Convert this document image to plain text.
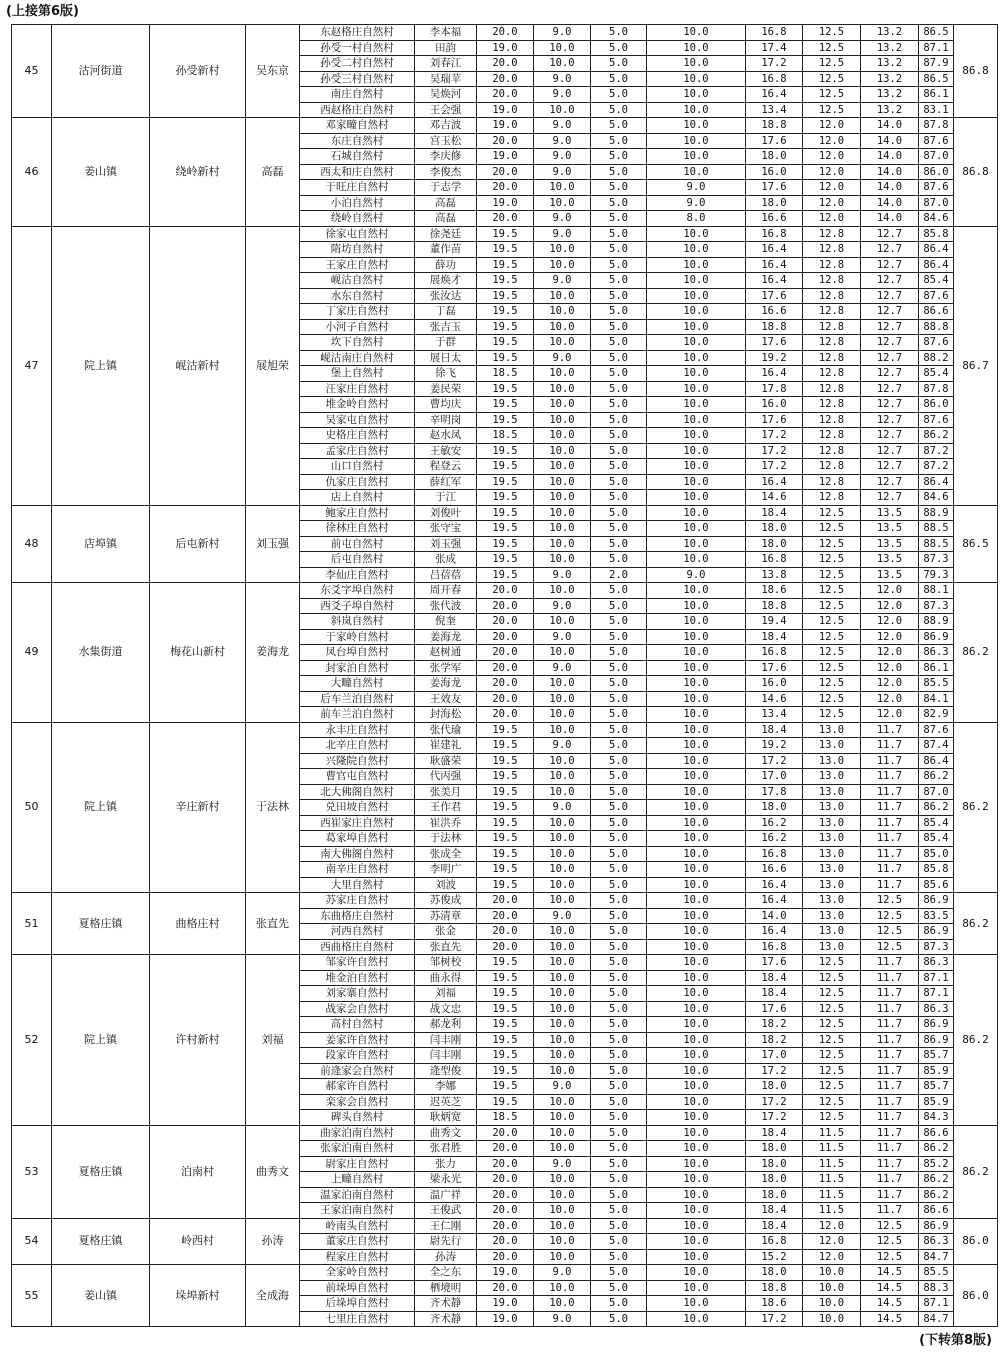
(上接第6版)
45	沽河街道	孙受新村	吴东京	东赵格庄自然村	李本福	20.0	9.0	5.0	10.0	16.8	12.5	13.2	86.5	86.8
				孙受一村自然村	田韵	19.0	10.0	5.0	10.0	17.4	12.5	13.2	87.1	
				孙受二村自然村	刘春江	20.0	10.0	5.0	10.0	17.2	12.5	13.2	87.9	
				孙受三村自然村	吴瑞苹	20.0	9.0	5.0	10.0	16.8	12.5	13.2	86.5	
				南庄自然村	吴焕河	20.0	9.0	5.0	10.0	16.4	12.5	13.2	86.1	
				西赵格庄自然村	王会强	19.0	10.0	5.0	10.0	13.4	12.5	13.2	83.1	
46	姜山镇	绕岭新村	高磊	邓家疃自然村	邓吉波	19.0	9.0	5.0	10.0	18.8	12.0	14.0	87.8	86.8
				东庄自然村	宫玉松	20.0	9.0	5.0	10.0	17.6	12.0	14.0	87.6	
				石城自然村	李庆修	19.0	9.0	5.0	10.0	18.0	12.0	14.0	87.0	
				西太和庄自然村	李俊杰	20.0	9.0	5.0	10.0	16.0	12.0	14.0	86.0	
				于旺庄自然村	于志学	20.0	10.0	5.0	9.0	17.6	12.0	14.0	87.6	
				小泊自然村	高磊	19.0	10.0	5.0	9.0	18.0	12.0	14.0	87.0	
				绕岭自然村	高磊	20.0	9.0	5.0	8.0	16.6	12.0	14.0	84.6	
47	院上镇	岘沽新村	展旭荣	徐家屯自然村	徐尧廷	19.5	9.0	5.0	10.0	16.8	12.8	12.7	85.8	86.7
				隋坊自然村	董作苗	19.5	10.0	5.0	10.0	16.4	12.8	12.7	86.4	
				王家庄自然村	薛功	19.5	10.0	5.0	10.0	16.4	12.8	12.7	86.4	
				岘沽自然村	展焕才	19.5	9.0	5.0	10.0	16.4	12.8	12.7	85.4	
				水东自然村	张汝达	19.5	10.0	5.0	10.0	17.6	12.8	12.7	87.6	
				丁家庄自然村	丁磊	19.5	10.0	5.0	10.0	16.6	12.8	12.7	86.6	
				小河子自然村	张吉玉	19.5	10.0	5.0	10.0	18.8	12.8	12.7	88.8	
				坎下自然村	于群	19.5	10.0	5.0	10.0	17.6	12.8	12.7	87.6	
				岘沽南庄自然村	展日太	19.5	9.0	5.0	10.0	19.2	12.8	12.7	88.2	
				堡上自然村	徐飞	18.5	10.0	5.0	10.0	16.4	12.8	12.7	85.4	
				汪家庄自然村	姜民荣	19.5	10.0	5.0	10.0	17.8	12.8	12.7	87.8	
				堆金岭自然村	曹均庆	19.5	10.0	5.0	10.0	16.0	12.8	12.7	86.0	
				吴家屯自然村	辛明岗	19.5	10.0	5.0	10.0	17.6	12.8	12.7	87.6	
				史格庄自然村	赵水凤	18.5	10.0	5.0	10.0	17.2	12.8	12.7	86.2	
				孟家庄自然村	王敏安	19.5	10.0	5.0	10.0	17.2	12.8	12.7	87.2	
				山口自然村	程登云	19.5	10.0	5.0	10.0	17.2	12.8	12.7	87.2	
				仇家庄自然村	薛红军	19.5	10.0	5.0	10.0	16.4	12.8	12.7	86.4	
				店上自然村	于江	19.5	10.0	5.0	10.0	14.6	12.8	12.7	84.6	
48	店埠镇	后屯新村	刘玉强	鲍家庄自然村	刘俊叶	19.5	10.0	5.0	10.0	18.4	12.5	13.5	88.9	86.5
				徐林庄自然村	张守宝	19.5	10.0	5.0	10.0	18.0	12.5	13.5	88.5	
				前屯自然村	刘玉强	19.5	10.0	5.0	10.0	18.0	12.5	13.5	88.5	
				后屯自然村	张成	19.5	10.0	5.0	10.0	16.8	12.5	13.5	87.3	
				李仙庄自然村	吕蓓蓓	19.5	9.0	2.0	9.0	13.8	12.5	13.5	79.3	
49	水集街道	梅花山新村	姜海龙	东爻字埠自然村	周开春	20.0	10.0	5.0	10.0	18.6	12.5	12.0	88.1	86.2
				西爻子埠自然村	张代波	20.0	9.0	5.0	10.0	18.8	12.5	12.0	87.3	
				斜岚自然村	倪奎	20.0	10.0	5.0	10.0	19.4	12.5	12.0	88.9	
				于家岭自然村	姜海龙	20.0	9.0	5.0	10.0	18.4	12.5	12.0	86.9	
				凤台埠自然村	赵树通	20.0	10.0	5.0	10.0	16.8	12.5	12.0	86.3	
				封家泊自然村	张学军	20.0	9.0	5.0	10.0	17.6	12.5	12.0	86.1	
				大疃自然村	姜海龙	20.0	10.0	5.0	10.0	16.0	12.5	12.0	85.5	
				后车兰泊自然村	王效友	20.0	10.0	5.0	10.0	14.6	12.5	12.0	84.1	
				前车兰泊自然村	封海松	20.0	10.0	5.0	10.0	13.4	12.5	12.0	82.9	
50	院上镇	辛庄新村	于法林	永丰庄自然村	张代瑜	19.5	10.0	5.0	10.0	18.4	13.0	11.7	87.6	86.2
				北辛庄自然村	崔建礼	19.5	9.0	5.0	10.0	19.2	13.0	11.7	87.4	
				兴隆院自然村	耿盛荣	19.5	10.0	5.0	10.0	17.2	13.0	11.7	86.4	
				曹官屯自然村	代丙强	19.5	10.0	5.0	10.0	17.0	13.0	11.7	86.2	
				北大佛阁自然村	张美月	19.5	10.0	5.0	10.0	17.8	13.0	11.7	87.0	
				兑田坡自然村	王作君	19.5	9.0	5.0	10.0	18.0	13.0	11.7	86.2	
				西崔家庄自然村	崔洪乔	19.5	10.0	5.0	10.0	16.2	13.0	11.7	85.4	
				葛家埠自然村	于法林	19.5	10.0	5.0	10.0	16.2	13.0	11.7	85.4	
				南大佛阁自然村	张成全	19.5	10.0	5.0	10.0	16.8	13.0	11.7	85.0	
				南辛庄自然村	李明广	19.5	10.0	5.0	10.0	16.6	13.0	11.7	85.8	
				大里自然村	刘波	19.5	10.0	5.0	10.0	16.4	13.0	11.7	85.6	
51	夏格庄镇	曲格庄村	张直先	苏家庄自然村	苏俊成	20.0	10.0	5.0	10.0	16.4	13.0	12.5	86.9	86.2
				东曲格庄自然村	苏清章	20.0	9.0	5.0	10.0	14.0	13.0	12.5	83.5	
				河西自然村	张金	20.0	10.0	5.0	10.0	16.4	13.0	12.5	86.9	
				西曲格庄自然村	张直先	20.0	10.0	5.0	10.0	16.8	13.0	12.5	87.3	
52	院上镇	许村新村	刘福	邹家许自然村	邹树校	19.5	10.0	5.0	10.0	17.6	12.5	11.7	86.3	86.2
				堆金泊自然村	曲永得	19.5	10.0	5.0	10.0	18.4	12.5	11.7	87.1	
				刘家寨自然村	刘福	19.5	10.0	5.0	10.0	18.4	12.5	11.7	87.1	
				战家会自然村	战文忠	19.5	10.0	5.0	10.0	17.6	12.5	11.7	86.3	
				高村自然村	郝龙利	19.5	10.0	5.0	10.0	18.2	12.5	11.7	86.9	
				姜家许自然村	闫丰刚	19.5	10.0	5.0	10.0	18.2	12.5	11.7	86.9	
				段家许自然村	闫丰刚	19.5	10.0	5.0	10.0	17.0	12.5	11.7	85.7	
				前逄家会自然村	逄型俊	19.5	10.0	5.0	10.0	17.2	12.5	11.7	85.9	
				郝家许自然村	李娜	19.5	9.0	5.0	10.0	18.0	12.5	11.7	85.7	
				栾家会自然村	迟英芝	19.5	10.0	5.0	10.0	17.2	12.5	11.7	85.9	
				碑头自然村	耿炳宽	18.5	10.0	5.0	10.0	17.2	12.5	11.7	84.3	
53	夏格庄镇	泊南村	曲秀文	曲家泊南自然村	曲秀文	20.0	10.0	5.0	10.0	18.4	11.5	11.7	86.6	86.2
				张家泊南自然村	张君胜	20.0	10.0	5.0	10.0	18.0	11.5	11.7	86.2	
				尉家庄自然村	张力	20.0	9.0	5.0	10.0	18.0	11.5	11.7	85.2	
				上疃自然村	梁永光	20.0	10.0	5.0	10.0	18.0	11.5	11.7	86.2	
				温家泊南自然村	温广祥	20.0	10.0	5.0	10.0	18.0	11.5	11.7	86.2	
				王家泊南自然村	王俊武	20.0	10.0	5.0	10.0	18.4	11.5	11.7	86.6	
54	夏格庄镇	岭西村	孙涛	岭南头自然村	王仁刚	20.0	10.0	5.0	10.0	18.4	12.0	12.5	86.9	86.0
				董家庄自然村	尉先行	20.0	10.0	5.0	10.0	16.8	12.0	12.5	86.3	
				程家庄自然村	孙涛	20.0	10.0	5.0	10.0	15.2	12.0	12.5	84.7	
55	姜山镇	垛埠新村	全成海	全家岭自然村	全之东	19.0	9.0	5.0	10.0	18.0	10.0	14.5	85.5	86.0
				前垛埠自然村	栖境明	20.0	10.0	5.0	10.0	18.8	10.0	14.5	88.3	
				后垛埠自然村	齐术静	19.0	10.0	5.0	10.0	18.6	10.0	14.5	87.1	
				七里庄自然村	齐术静	19.0	9.0	5.0	10.0	17.2	10.0	14.5	84.7	
(下转第8版)
